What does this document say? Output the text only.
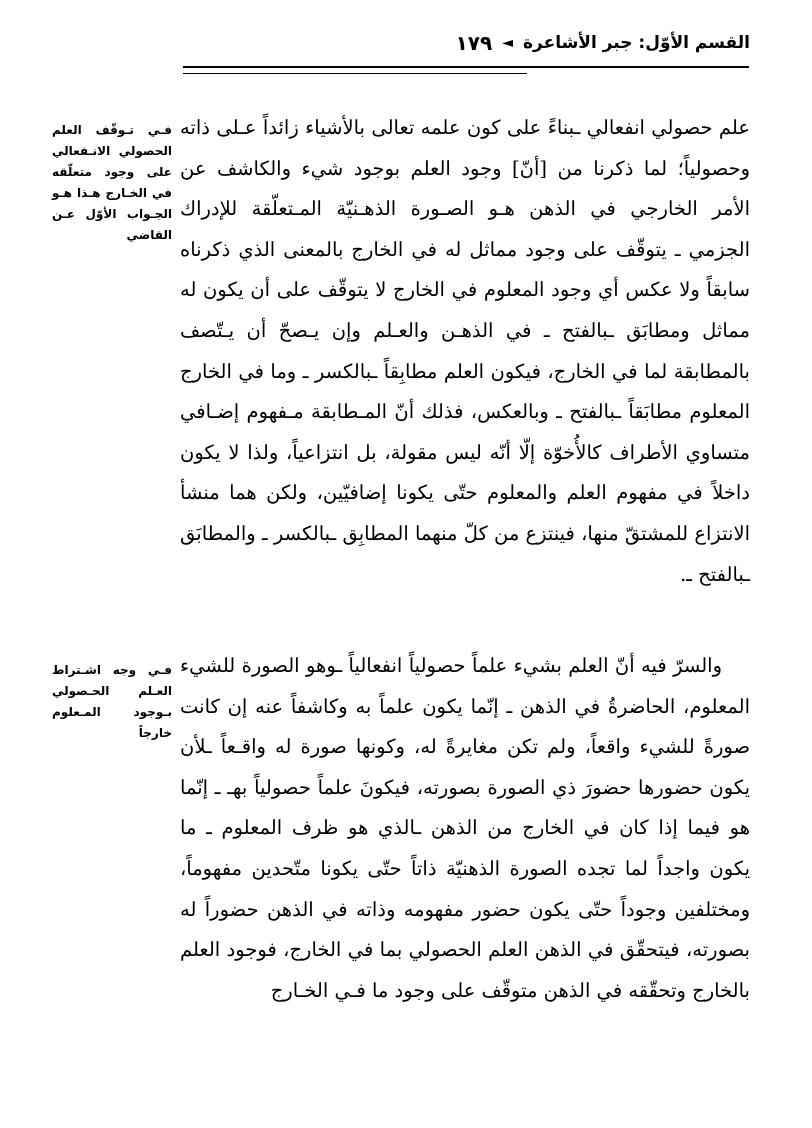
القسم الأوّل: جبر الأشاعرة
◄
١٧٩

فـي تـوقّف العلم الحصولي الانـفعالي على وجود متعلّقه في الخـارج هـذا هـو الجـواب الأوّل عـن القاضي

فـي وجه اشـتراط العـلم الحـصولي بـوجود المـعلوم خارجاً

علم حصولي انفعالي ـبناءً على كون علمه تعالى بالأشياء زائداً عـلى ذاته وحصولياً؛ لما ذكرنا من [أنّ] وجود العلم بوجود شيء والكاشف عن الأمر الخارجي في الذهن هـو الصـورة الذهـنيّة المـتعلّقة للإدراك الجزمي ـ يتوقّف على وجود مماثل له في الخارج بالمعنى الذي ذكرناه سابقاً ولا عكس أي وجود المعلوم في الخارج لا يتوقّف على أن يكون له مماثل ومطابَق ـبالفتح ـ في الذهـن والعـلم وإن يـصحّ أن يـتّصف بالمطابقة لما في الخارج، فيكون العلم مطابِقاً ـبالكسر ـ وما في الخارج المعلوم مطابَقاً ـبالفتح ـ وبالعكس، فذلك أنّ المـطابقة مـفهوم إضـافي متساوي الأطراف كالأُخوّة إلّا أنّه ليس مقولة، بل انتزاعياً، ولذا لا يكون داخلاً في مفهوم العلم والمعلوم حتّى يكونا إضافيّين، ولكن هما منشأ الانتزاع للمشتقّ منها، فينتزع من كلّ منهما المطابِق ـبالكسر ـ والمطابَق ـبالفتح ـ.

والسرّ فيه أنّ العلم بشيء علماً حصولياً انفعالياً ـوهو الصورة للشيء المعلوم، الحاضرةُ في الذهن ـ إنّما يكون علماً به وكاشفاً عنه إن كانت صورةً للشيء واقعاً، ولم تكن مغايرةً له، وكونها صورة له واقـعاً ـلأن يكون حضورها حضورَ ذي الصورة بصورته، فيكونَ علماً حصولياً بهـ ـ إنّما هو فيما إذا كان في الخارج من الذهن ـالذي هو ظرف المعلوم ـ ما يكون واجداً لما تجده الصورة الذهنيّة ذاتاً حتّى يكونا متّحدين مفهوماً، ومختلفين وجوداً حتّى يكون حضور مفهومه وذاته في الذهن حضوراً له بصورته، فيتحقّق في الذهن العلم الحصولي بما في الخارج، فوجود العلم بالخارج وتحقّقه في الذهن متوقّف على وجود ما فـي الخـارج
